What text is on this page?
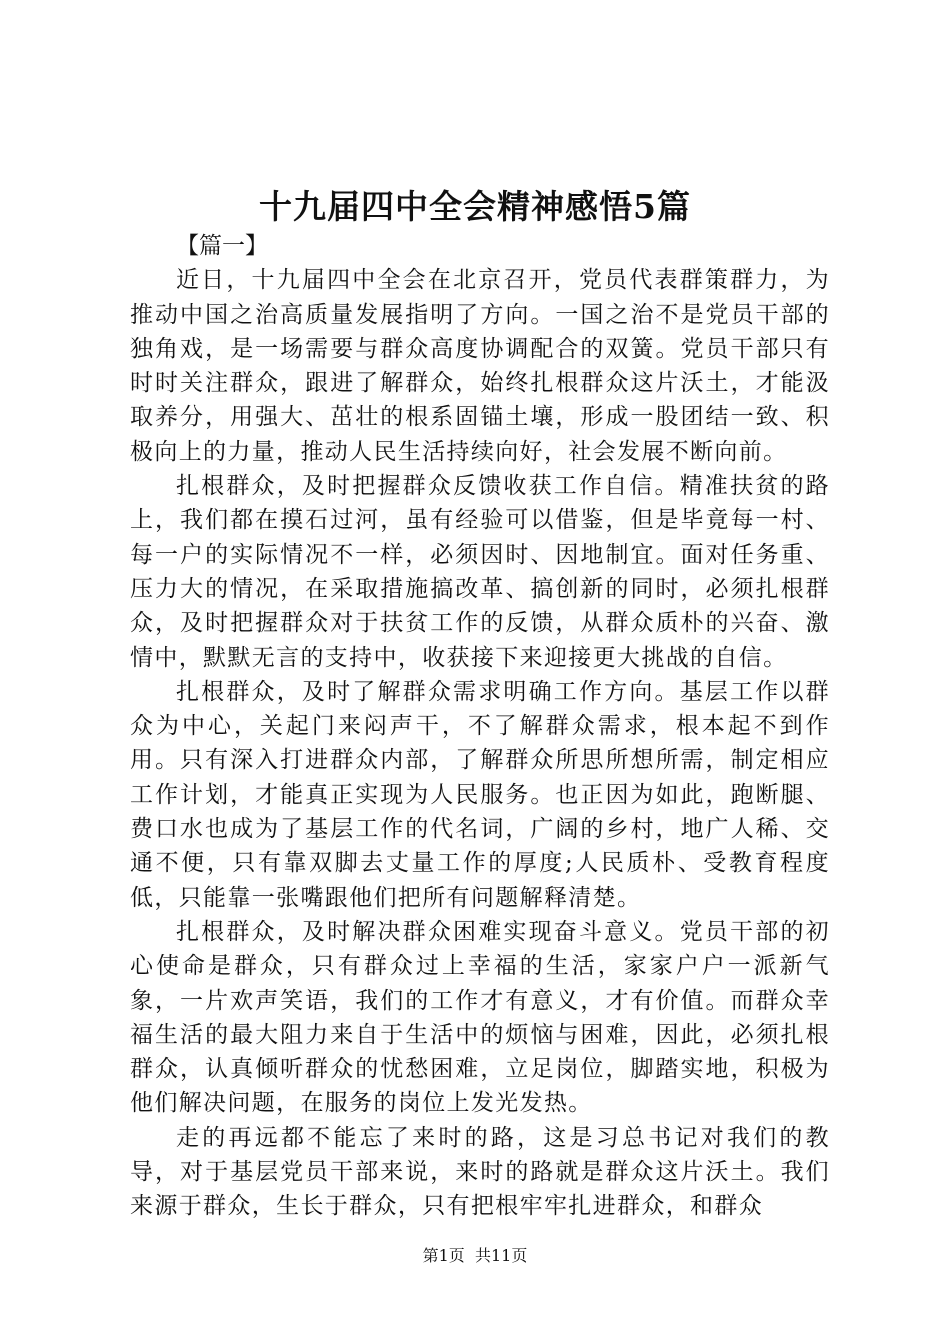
十九届四中全会精神感悟5篇

【篇一】

近日，十九届四中全会在北京召开，党员代表群策群力，为推动中国之治高质量发展指明了方向。一国之治不是党员干部的独角戏，是一场需要与群众高度协调配合的双簧。党员干部只有时时关注群众，跟进了解群众，始终扎根群众这片沃土，才能汲取养分，用强大、茁壮的根系固锚土壤，形成一股团结一致、积极向上的力量，推动人民生活持续向好，社会发展不断向前。

扎根群众，及时把握群众反馈收获工作自信。精准扶贫的路上，我们都在摸石过河，虽有经验可以借鉴，但是毕竟每一村、每一户的实际情况不一样，必须因时、因地制宜。面对任务重、压力大的情况，在采取措施搞改革、搞创新的同时，必须扎根群众，及时把握群众对于扶贫工作的反馈，从群众质朴的兴奋、激情中，默默无言的支持中，收获接下来迎接更大挑战的自信。

扎根群众，及时了解群众需求明确工作方向。基层工作以群众为中心，关起门来闷声干，不了解群众需求，根本起不到作用。只有深入打进群众内部，了解群众所思所想所需，制定相应工作计划，才能真正实现为人民服务。也正因为如此，跑断腿、费口水也成为了基层工作的代名词，广阔的乡村，地广人稀、交通不便，只有靠双脚去丈量工作的厚度;人民质朴、受教育程度低，只能靠一张嘴跟他们把所有问题解释清楚。

扎根群众，及时解决群众困难实现奋斗意义。党员干部的初心使命是群众，只有群众过上幸福的生活，家家户户一派新气象，一片欢声笑语，我们的工作才有意义，才有价值。而群众幸福生活的最大阻力来自于生活中的烦恼与困难，因此，必须扎根群众，认真倾听群众的忧愁困难，立足岗位，脚踏实地，积极为他们解决问题，在服务的岗位上发光发热。

走的再远都不能忘了来时的路，这是习总书记对我们的教导，对于基层党员干部来说，来时的路就是群众这片沃土。我们来源于群众，生长于群众，只有把根牢牢扎进群众，和群众

第1页 共11页
